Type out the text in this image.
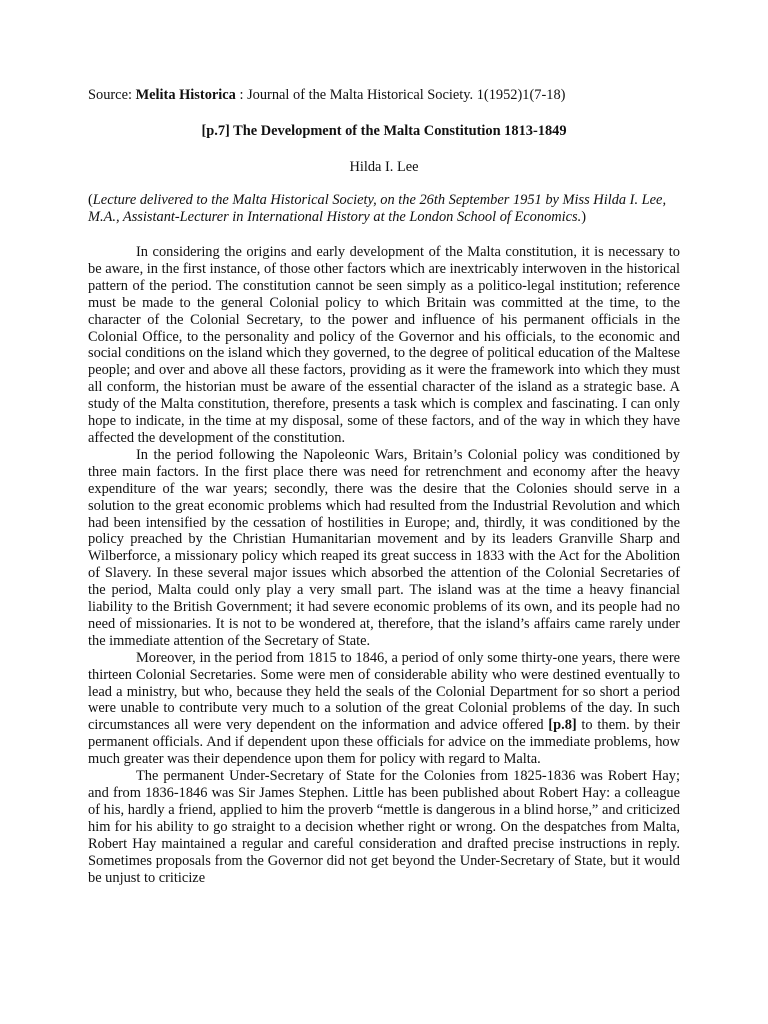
Source: Melita Historica : Journal of the Malta Historical Society. 1(1952)1(7-18)

[p.7] The Development of the Malta Constitution 1813-1849

Hilda I. Lee

(Lecture delivered to the Malta Historical Society, on the 26th September 1951 by Miss Hilda I. Lee, M.A., Assistant-Lecturer in International History at the London School of Economics.)

In considering the origins and early development of the Malta constitution, it is necessary to be aware, in the first instance, of those other factors which are inextricably interwoven in the historical pattern of the period. The constitution cannot be seen simply as a politico-legal institution; reference must be made to the general Colonial policy to which Britain was committed at the time, to the character of the Colonial Secretary, to the power and influence of his permanent officials in the Colonial Office, to the personality and policy of the Governor and his officials, to the economic and social conditions on the island which they governed, to the degree of political education of the Maltese people; and over and above all these factors, providing as it were the framework into which they must all conform, the historian must be aware of the essential character of the island as a strategic base. A study of the Malta constitution, therefore, presents a task which is complex and fascinating. I can only hope to indicate, in the time at my disposal, some of these factors, and of the way in which they have affected the development of the constitution.

In the period following the Napoleonic Wars, Britain’s Colonial policy was conditioned by three main factors. In the first place there was need for retrenchment and economy after the heavy expenditure of the war years; secondly, there was the desire that the Colonies should serve in a solution to the great economic problems which had resulted from the Industrial Revolution and which had been intensified by the cessation of hostilities in Europe; and, thirdly, it was conditioned by the policy preached by the Christian Humanitarian movement and by its leaders Granville Sharp and Wilberforce, a missionary policy which reaped its great success in 1833 with the Act for the Abolition of Slavery. In these several major issues which absorbed the attention of the Colonial Secretaries of the period, Malta could only play a very small part. The island was at the time a heavy financial liability to the British Government; it had severe economic problems of its own, and its people had no need of missionaries. It is not to be wondered at, therefore, that the island’s affairs came rarely under the immediate attention of the Secretary of State.

Moreover, in the period from 1815 to 1846, a period of only some thirty-one years, there were thirteen Colonial Secretaries. Some were men of considerable ability who were destined eventually to lead a ministry, but who, because they held the seals of the Colonial Department for so short a period were unable to contribute very much to a solution of the great Colonial problems of the day. In such circumstances all were very dependent on the information and advice offered [p.8] to them. by their permanent officials. And if dependent upon these officials for advice on the immediate problems, how much greater was their dependence upon them for policy with regard to Malta.

The permanent Under-Secretary of State for the Colonies from 1825-1836 was Robert Hay; and from 1836-1846 was Sir James Stephen. Little has been published about Robert Hay: a colleague of his, hardly a friend, applied to him the proverb “mettle is dangerous in a blind horse,” and criticized him for his ability to go straight to a decision whether right or wrong. On the despatches from Malta, Robert Hay maintained a regular and careful consideration and drafted precise instructions in reply. Sometimes proposals from the Governor did not get beyond the Under-Secretary of State, but it would be unjust to criticize
